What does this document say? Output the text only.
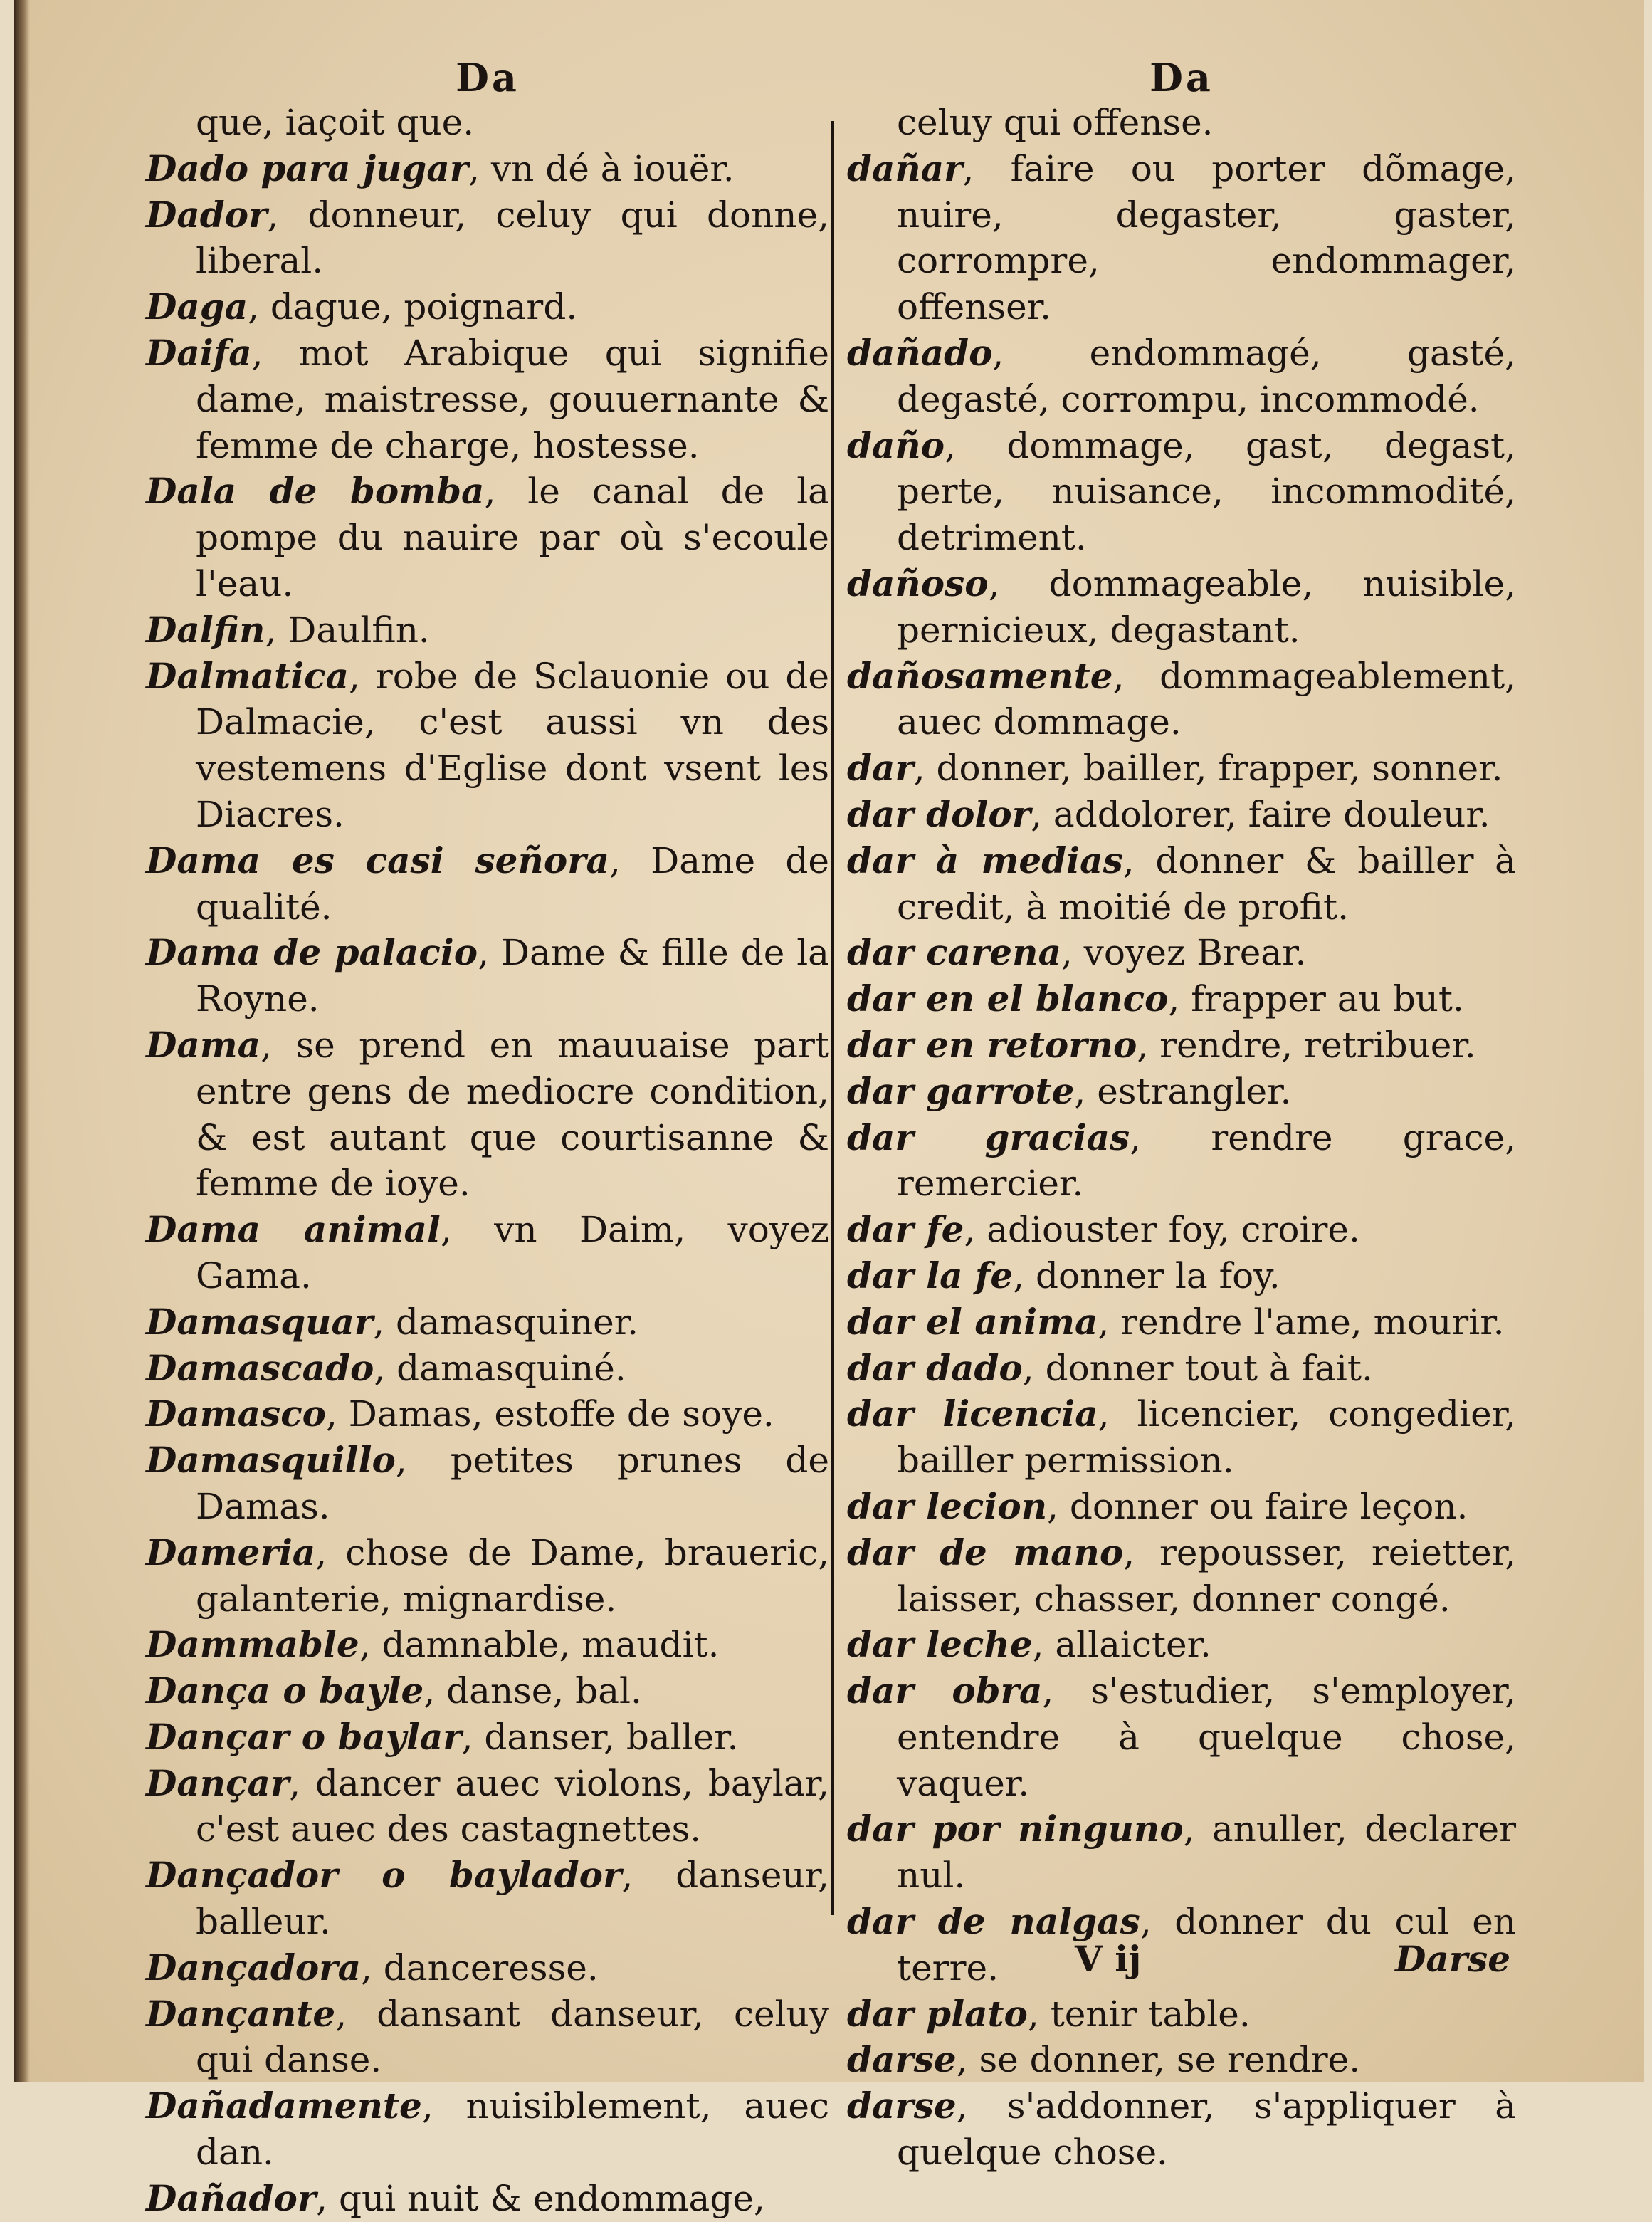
Da

que, iaçoit que.

Dado para jugar, vn dé à iouër.

Dador, donneur, celuy qui donne, liberal.

Daga, dague, poignard.

Daifa, mot Arabique qui signifie dame, maistresse, gouuernante & femme de charge, hostesse.

Dala de bomba, le canal de la pompe du nauire par où s'ecoule l'eau.

Dalfin, Daulfin.

Dalmatica, robe de Sclauonie ou de Dalmacie, c'est aussi vn des vestemens d'Eglise dont vsent les Diacres.

Dama es casi señora, Dame de qualité.

Dama de palacio, Dame & fille de la Royne.

Dama, se prend en mauuaise part entre gens de mediocre condition, & est autant que courtisanne & femme de ioye.

Dama animal, vn Daim, voyez Gama.

Damasquar, damasquiner.

Damascado, damasquiné.

Damasco, Damas, estoffe de soye.

Damasquillo, petites prunes de Damas.

Dameria, chose de Dame, braueric, galanterie, mignardise.

Dammable, damnable, maudit.

Dança o bayle, danse, bal.

Dançar o baylar, danser, baller.

Dançar, dancer auec violons, baylar, c'est auec des castagnettes.

Dançador o baylador, danseur, balleur.

Dançadora, danceresse.

Dançante, dansant danseur, celuy qui danse.

Dañadamente, nuisiblement, auec dan.

Dañador, qui nuit & endommage,

Da

celuy qui offense.

dañar, faire ou porter dõmage, nuire, degaster, gaster, corrompre, endommager, offenser.

dañado, endommagé, gasté, degasté, corrompu, incommodé.

daño, dommage, gast, degast, perte, nuisance, incommodité, detriment.

dañoso, dommageable, nuisible, pernicieux, degastant.

dañosamente, dommageablement, auec dommage.

dar, donner, bailler, frapper, sonner.

dar dolor, addolorer, faire douleur.

dar à medias, donner & bailler à credit, à moitié de profit.

dar carena, voyez Brear.

dar en el blanco, frapper au but.

dar en retorno, rendre, retribuer.

dar garrote, estrangler.

dar gracias, rendre grace, remercier.

dar fe, adiouster foy, croire.

dar la fe, donner la foy.

dar el anima, rendre l'ame, mourir.

dar dado, donner tout à fait.

dar licencia, licencier, congedier, bailler permission.

dar lecion, donner ou faire leçon.

dar de mano, repousser, reietter, laisser, chasser, donner congé.

dar leche, allaicter.

dar obra, s'estudier, s'employer, entendre à quelque chose, vaquer.

dar por ninguno, anuller, declarer nul.

dar de nalgas, donner du cul en terre.

dar plato, tenir table.

darse, se donner, se rendre.

darse, s'addonner, s'appliquer à quelque chose.

V ij	Darse
